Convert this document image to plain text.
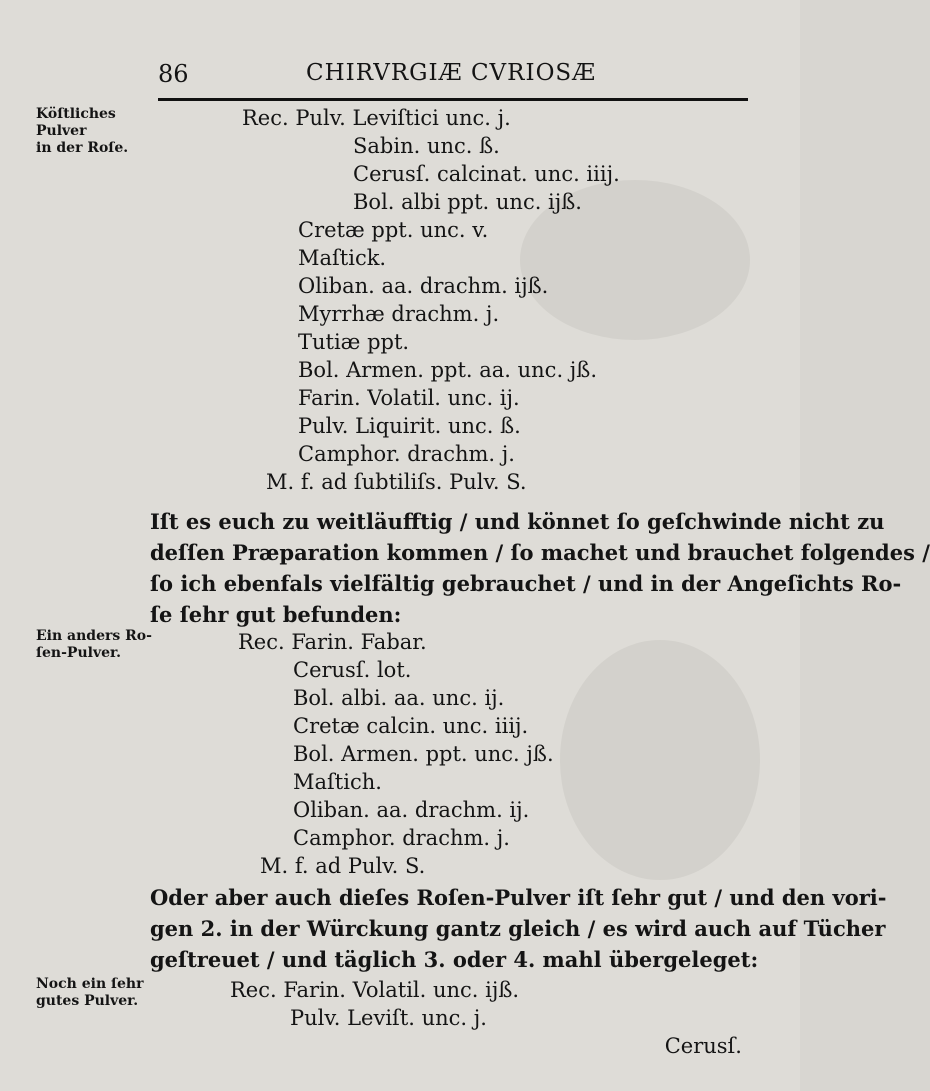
86	CHIRVRGIÆ CVRIOSÆ
Köſtliches Pulver
in der Roſe.
Ein anders Ro-
ſen-Pulver.
Noch ein ſehr
gutes Pulver.
Rec. Pulv. Leviſtici unc. j.
Sabin. unc. ß.
Cerusſ. calcinat. unc. iiij.
Bol. albi ppt. unc. ijß.
Cretæ ppt. unc. v.
Maſtick.
Oliban. aa. drachm. ijß.
Myrrhæ drachm. j.
Tutiæ ppt.
Bol. Armen. ppt. aa. unc. jß.
Farin. Volatil. unc. ij.
Pulv. Liquirit. unc. ß.
Camphor. drachm. j.
M. f. ad ſubtiliſs. Pulv. S.
Iſt es euch zu weitläufftig / und könnet ſo geſchwinde nicht zu
deſſen Præparation kommen / ſo machet und brauchet folgendes /
ſo ich ebenfals vielfältig gebrauchet / und in der Angeſichts Ro-
ſe ſehr gut befunden:
Rec. Farin. Fabar.
Cerusſ. lot.
Bol. albi. aa. unc. ij.
Cretæ calcin. unc. iiij.
Bol. Armen. ppt. unc. jß.
Maſtich.
Oliban. aa. drachm. ij.
Camphor. drachm. j.
M. f. ad Pulv. S.
Oder aber auch dieſes Roſen-Pulver iſt ſehr gut / und den vori-
gen 2. in der Würckung gantz gleich / es wird auch auf Tücher
geſtreuet / und täglich 3. oder 4. mahl übergeleget:
Rec. Farin. Volatil. unc. ijß.
Pulv. Leviſt. unc. j.
Cerusſ.
